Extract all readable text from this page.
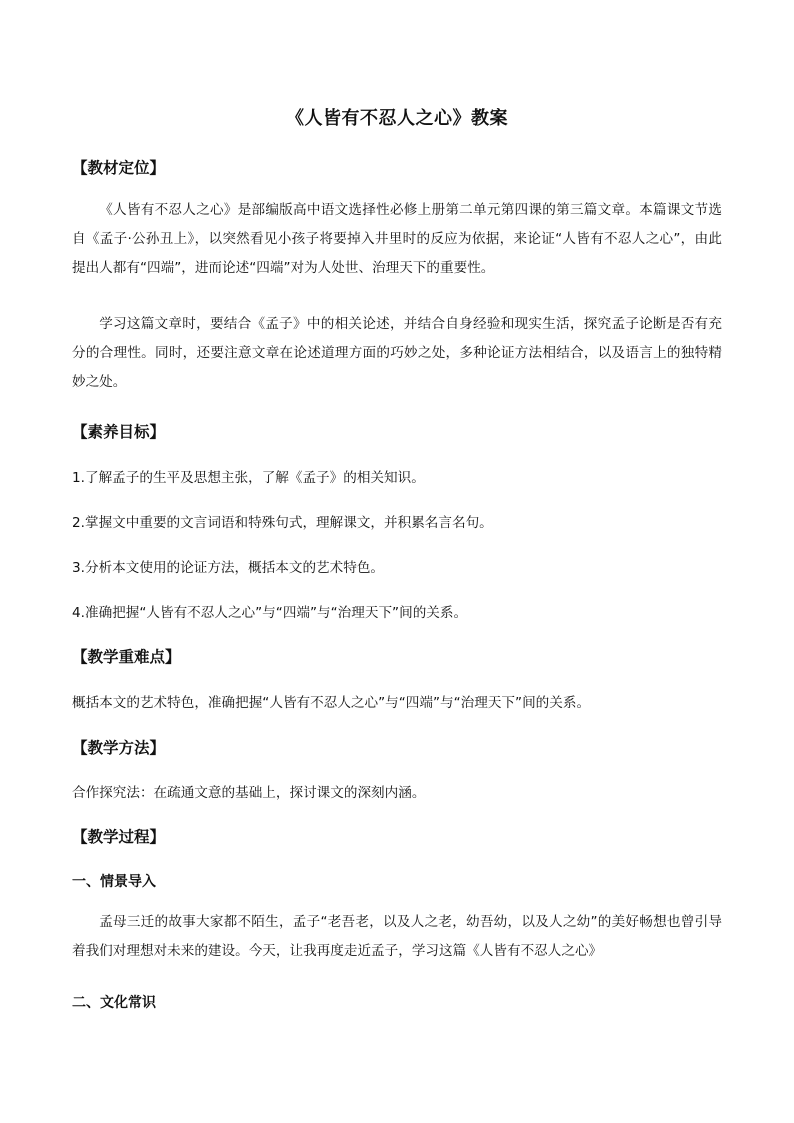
《人皆有不忍人之心》教案
【教材定位】
《人皆有不忍人之心》是部编版高中语文选择性必修上册第二单元第四课的第三篇文章。本篇课文节选自《孟子·公孙丑上》，以突然看见小孩子将要掉入井里时的反应为依据，来论证“人皆有不忍人之心”，由此提出人都有“四端”，进而论述“四端”对为人处世、治理天下的重要性。
学习这篇文章时，要结合《孟子》中的相关论述，并结合自身经验和现实生活，探究孟子论断是否有充分的合理性。同时，还要注意文章在论述道理方面的巧妙之处，多种论证方法相结合，以及语言上的独特精妙之处。
【素养目标】
1.了解孟子的生平及思想主张，了解《孟子》的相关知识。
2.掌握文中重要的文言词语和特殊句式，理解课文，并积累名言名句。
3.分析本文使用的论证方法，概括本文的艺术特色。
4.准确把握“人皆有不忍人之心”与“四端”与“治理天下”间的关系。
【教学重难点】
概括本文的艺术特色，准确把握“人皆有不忍人之心”与“四端”与“治理天下”间的关系。
【教学方法】
合作探究法：在疏通文意的基础上，探讨课文的深刻内涵。
【教学过程】
一、情景导入
孟母三迁的故事大家都不陌生，孟子“老吾老，以及人之老，幼吾幼，以及人之幼”的美好畅想也曾引导着我们对理想对未来的建设。今天，让我再度走近孟子，学习这篇《人皆有不忍人之心》
二、文化常识
